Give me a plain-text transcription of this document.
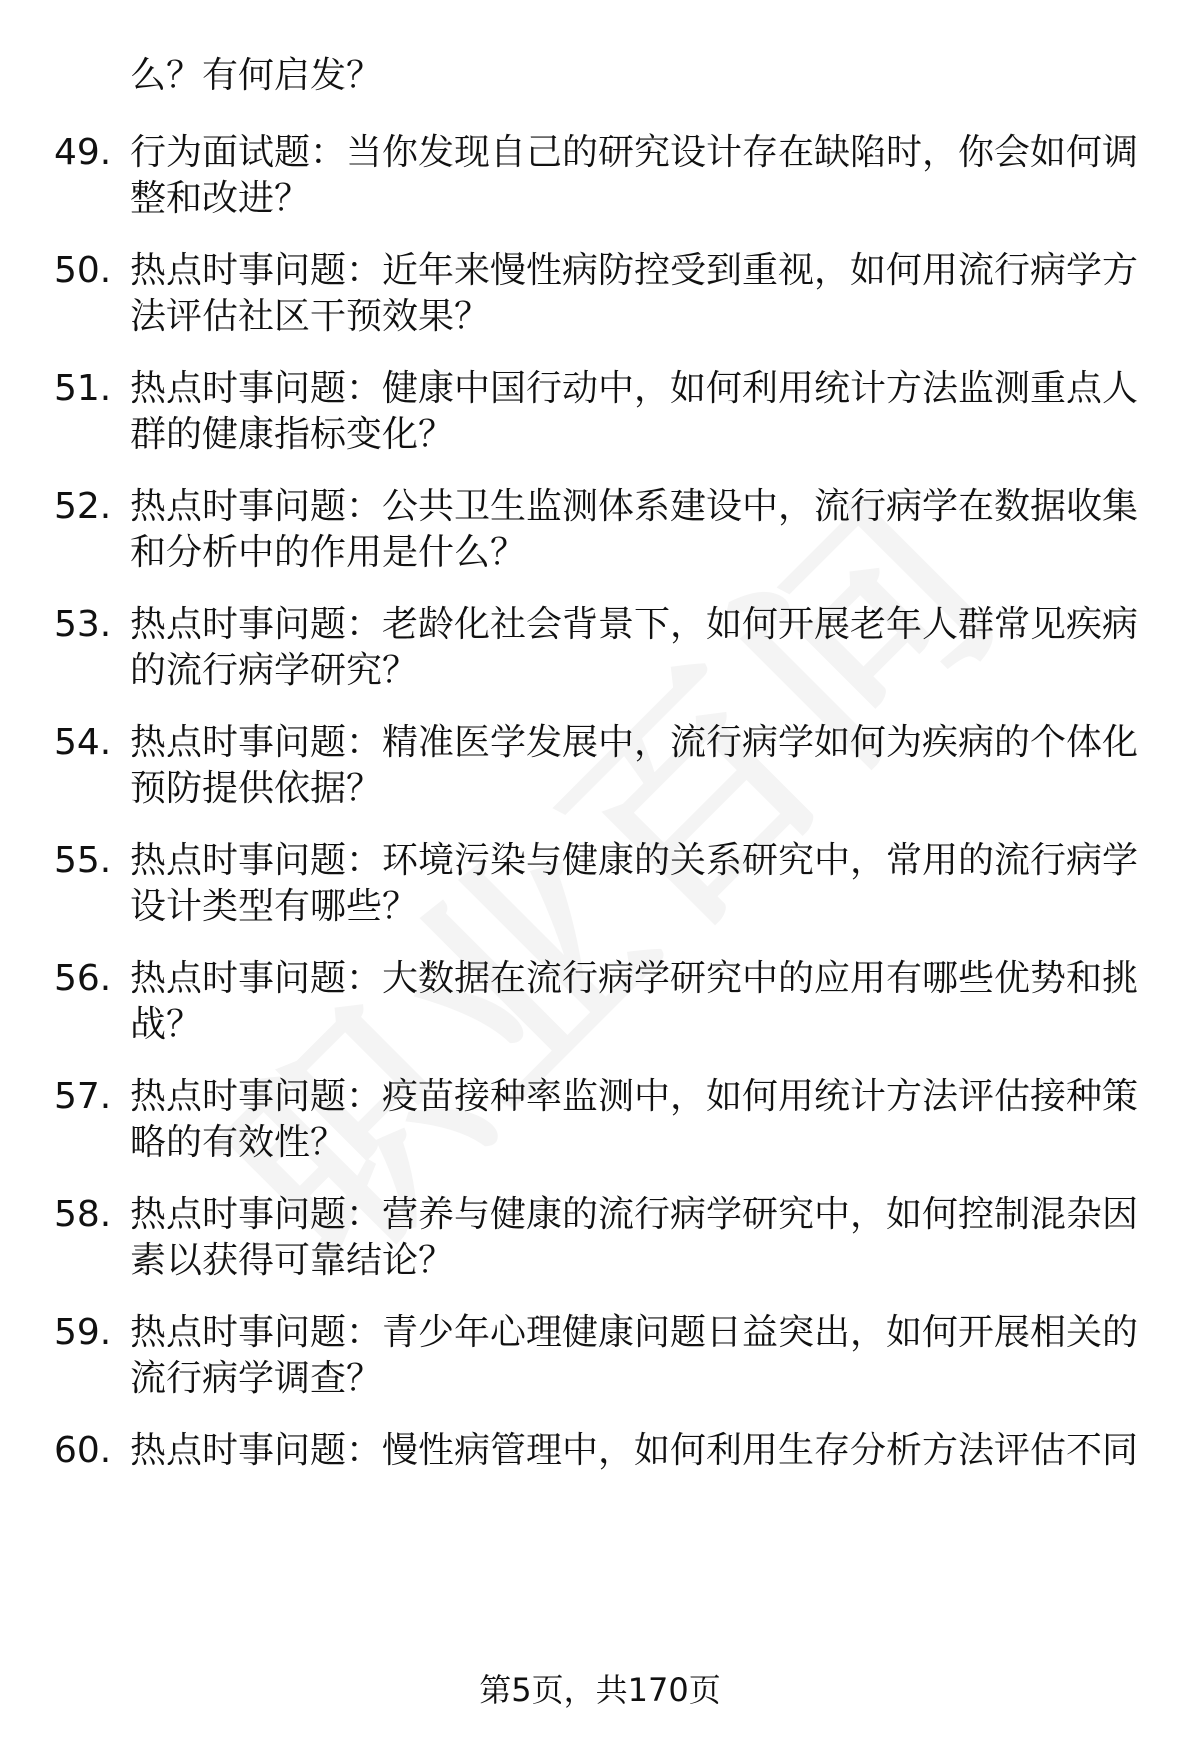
么？有何启发？
49. 行为面试题：当你发现自己的研究设计存在缺陷时，你会如何调
整和改进？
50. 热点时事问题：近年来慢性病防控受到重视，如何用流行病学方
法评估社区干预效果？
51. 热点时事问题：健康中国行动中，如何利用统计方法监测重点人
群的健康指标变化？
52. 热点时事问题：公共卫生监测体系建设中，流行病学在数据收集
和分析中的作用是什么？
53. 热点时事问题：老龄化社会背景下，如何开展老年人群常见疾病
的流行病学研究？
54. 热点时事问题：精准医学发展中，流行病学如何为疾病的个体化
预防提供依据？
55. 热点时事问题：环境污染与健康的关系研究中，常用的流行病学
设计类型有哪些？
56. 热点时事问题：大数据在流行病学研究中的应用有哪些优势和挑
战？
57. 热点时事问题：疫苗接种率监测中，如何用统计方法评估接种策
略的有效性？
58. 热点时事问题：营养与健康的流行病学研究中，如何控制混杂因
素以获得可靠结论？
59. 热点时事问题：青少年心理健康问题日益突出，如何开展相关的
流行病学调查？
60. 热点时事问题：慢性病管理中，如何利用生存分析方法评估不同
第5页，共170页
